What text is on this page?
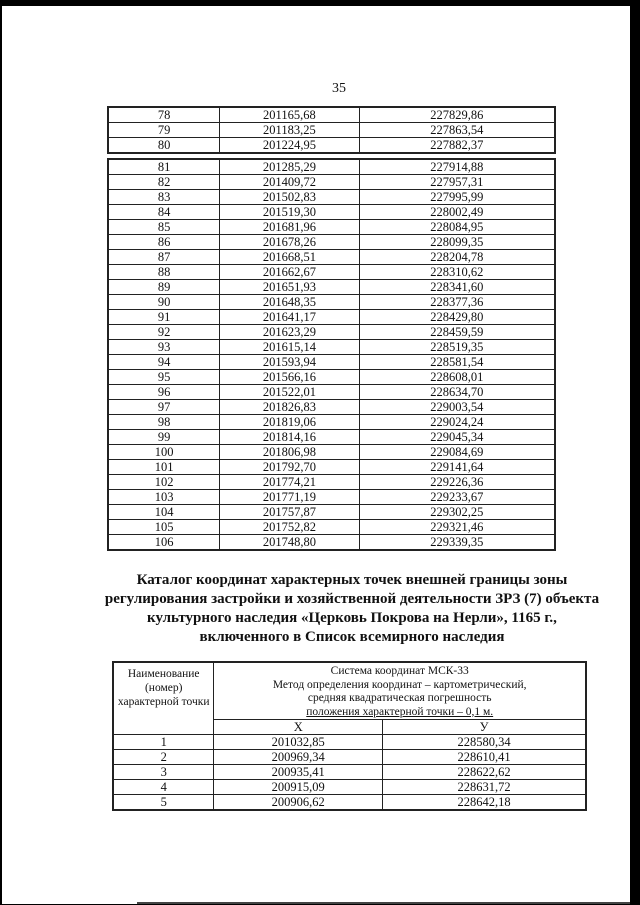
35
78	201165,68	227829,86
79	201183,25	227863,54
80	201224,95	227882,37
81	201285,29	227914,88
82	201409,72	227957,31
83	201502,83	227995,99
84	201519,30	228002,49
85	201681,96	228084,95
86	201678,26	228099,35
87	201668,51	228204,78
88	201662,67	228310,62
89	201651,93	228341,60
90	201648,35	228377,36
91	201641,17	228429,80
92	201623,29	228459,59
93	201615,14	228519,35
94	201593,94	228581,54
95	201566,16	228608,01
96	201522,01	228634,70
97	201826,83	229003,54
98	201819,06	229024,24
99	201814,16	229045,34
100	201806,98	229084,69
101	201792,70	229141,64
102	201774,21	229226,36
103	201771,19	229233,67
104	201757,87	229302,25
105	201752,82	229321,46
106	201748,80	229339,35
Каталог координат характерных точек внешней границы зоны регулирования застройки и хозяйственной деятельности ЗРЗ (7) объекта культурного наследия «Церковь Покрова на Нерли», 1165 г., включенного в Список всемирного наследия
Наименование
(номер)
характерной точки	Система координат МСК-33
Метод определения координат – картометрический,
средняя квадратическая погрешность
положения характерной точки – 0,1 м.	
	X	У
1	201032,85	228580,34
2	200969,34	228610,41
3	200935,41	228622,62
4	200915,09	228631,72
5	200906,62	228642,18
